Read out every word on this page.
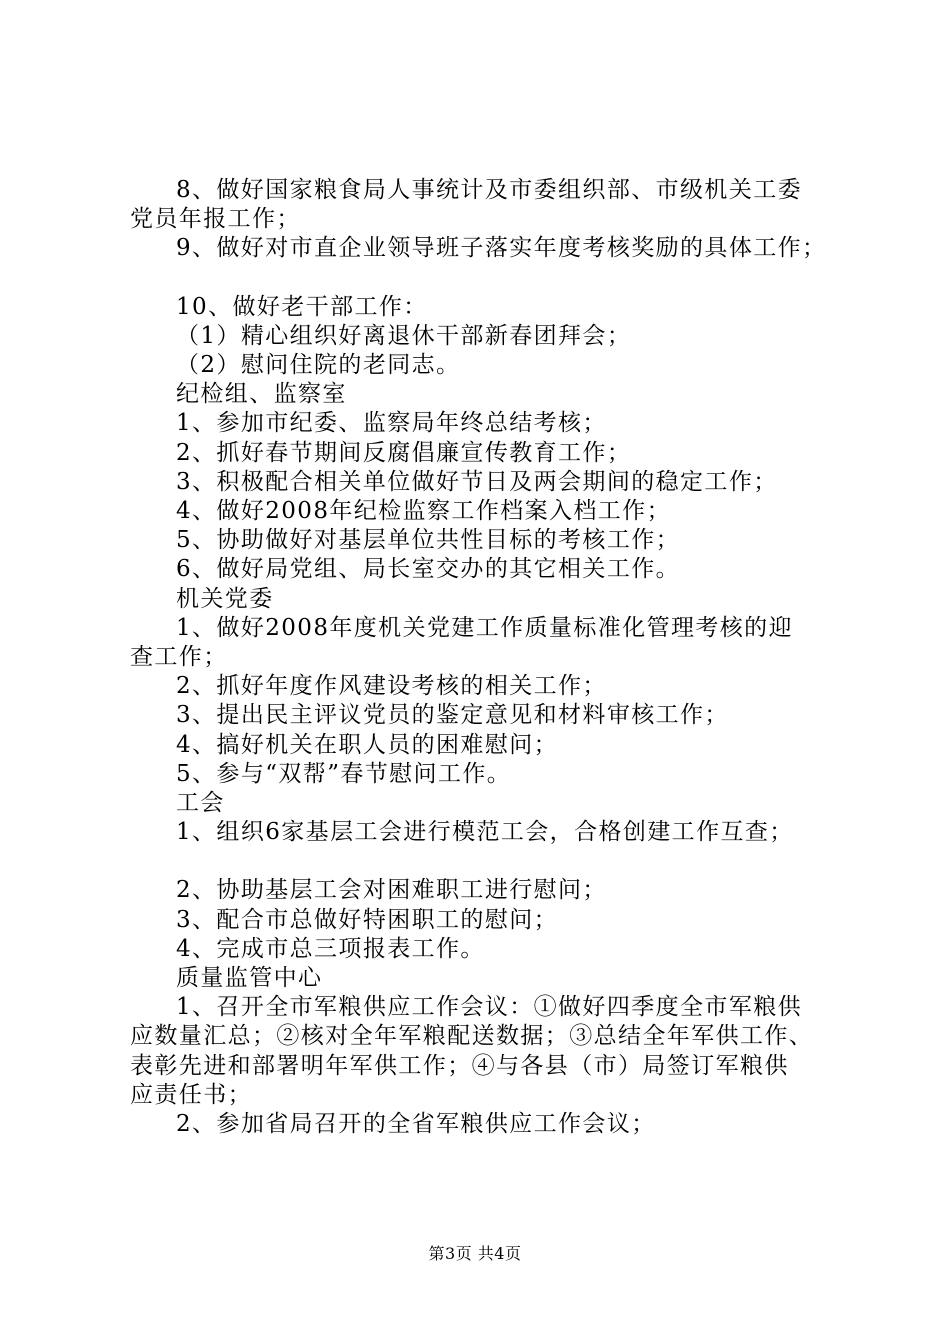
8、做好国家粮食局人事统计及市委组织部、市级机关工委
党员年报工作；
9、做好对市直企业领导班子落实年度考核奖励的具体工作；
10、做好老干部工作：
（1）精心组织好离退休干部新春团拜会；
（2）慰问住院的老同志。
纪检组、监察室
1、参加市纪委、监察局年终总结考核；
2、抓好春节期间反腐倡廉宣传教育工作；
3、积极配合相关单位做好节日及两会期间的稳定工作；
4、做好2008年纪检监察工作档案入档工作；
5、协助做好对基层单位共性目标的考核工作；
6、做好局党组、局长室交办的其它相关工作。
机关党委
1、做好2008年度机关党建工作质量标准化管理考核的迎
查工作；
2、抓好年度作风建设考核的相关工作；
3、提出民主评议党员的鉴定意见和材料审核工作；
4、搞好机关在职人员的困难慰问；
5、参与“双帮”春节慰问工作。
工会
1、组织6家基层工会进行模范工会，合格创建工作互查；
2、协助基层工会对困难职工进行慰问；
3、配合市总做好特困职工的慰问；
4、完成市总三项报表工作。
质量监管中心
1、召开全市军粮供应工作会议：①做好四季度全市军粮供
应数量汇总；②核对全年军粮配送数据；③总结全年军供工作、
表彰先进和部署明年军供工作；④与各县（市）局签订军粮供
应责任书；
2、参加省局召开的全省军粮供应工作会议；
第3页 共4页
